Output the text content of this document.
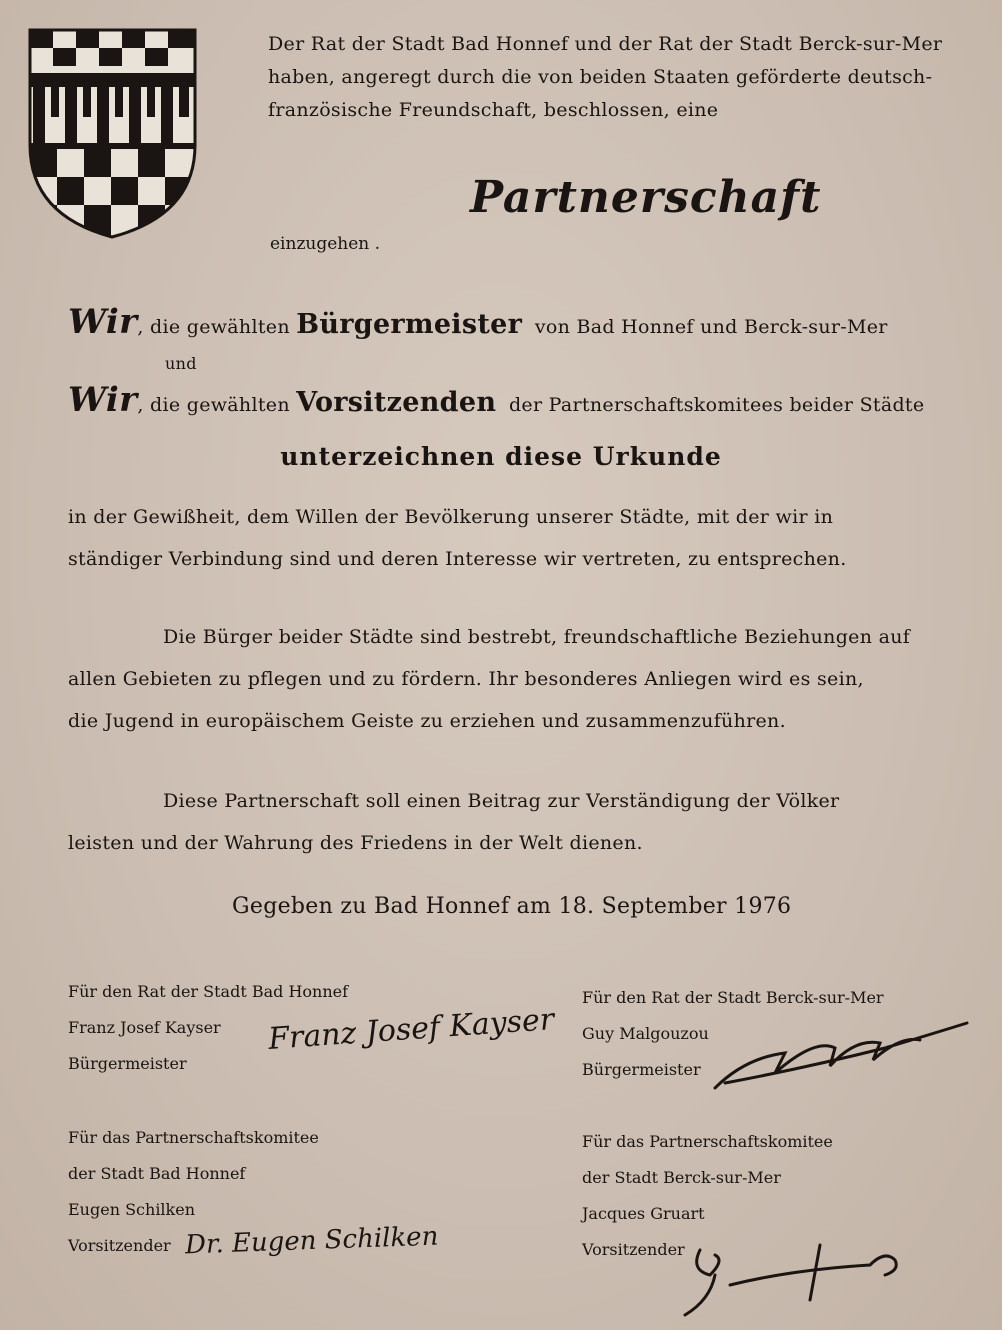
Der Rat der Stadt Bad Honnef und der Rat der Stadt Berck-sur-Mer haben, angeregt durch die von beiden Staaten geförderte deutsch-französische Freundschaft, beschlossen, eine
Partnerschaft
einzugehen .
Wir, die gewählten Bürgermeister von Bad Honnef und Berck-sur-Mer
und
Wir, die gewählten Vorsitzenden der Partnerschaftskomitees beider Städte
unterzeichnen diese Urkunde
in der Gewißheit, dem Willen der Bevölkerung unserer Städte, mit der wir in
ständiger Verbindung sind und deren Interesse wir vertreten, zu entsprechen.
Die Bürger beider Städte sind bestrebt, freundschaftliche Beziehungen auf
allen Gebieten zu pflegen und zu fördern. Ihr besonderes Anliegen wird es sein,
die Jugend in europäischem Geiste zu erziehen und zusammenzuführen.
Diese Partnerschaft soll einen Beitrag zur Verständigung der Völker
leisten und der Wahrung des Friedens in der Welt dienen.
Gegeben zu Bad Honnef am 18. September 1976
Für den Rat der Stadt Bad Honnef
Franz Josef Kayser
Bürgermeister
Franz Josef Kayser
Für den Rat der Stadt Berck-sur-Mer
Guy Malgouzou
Bürgermeister
Für das Partnerschaftskomitee
der Stadt Bad Honnef
Eugen Schilken
Vorsitzender Dr. Eugen Schilken
Für das Partnerschaftskomitee
der Stadt Berck-sur-Mer
Jacques Gruart
Vorsitzender
